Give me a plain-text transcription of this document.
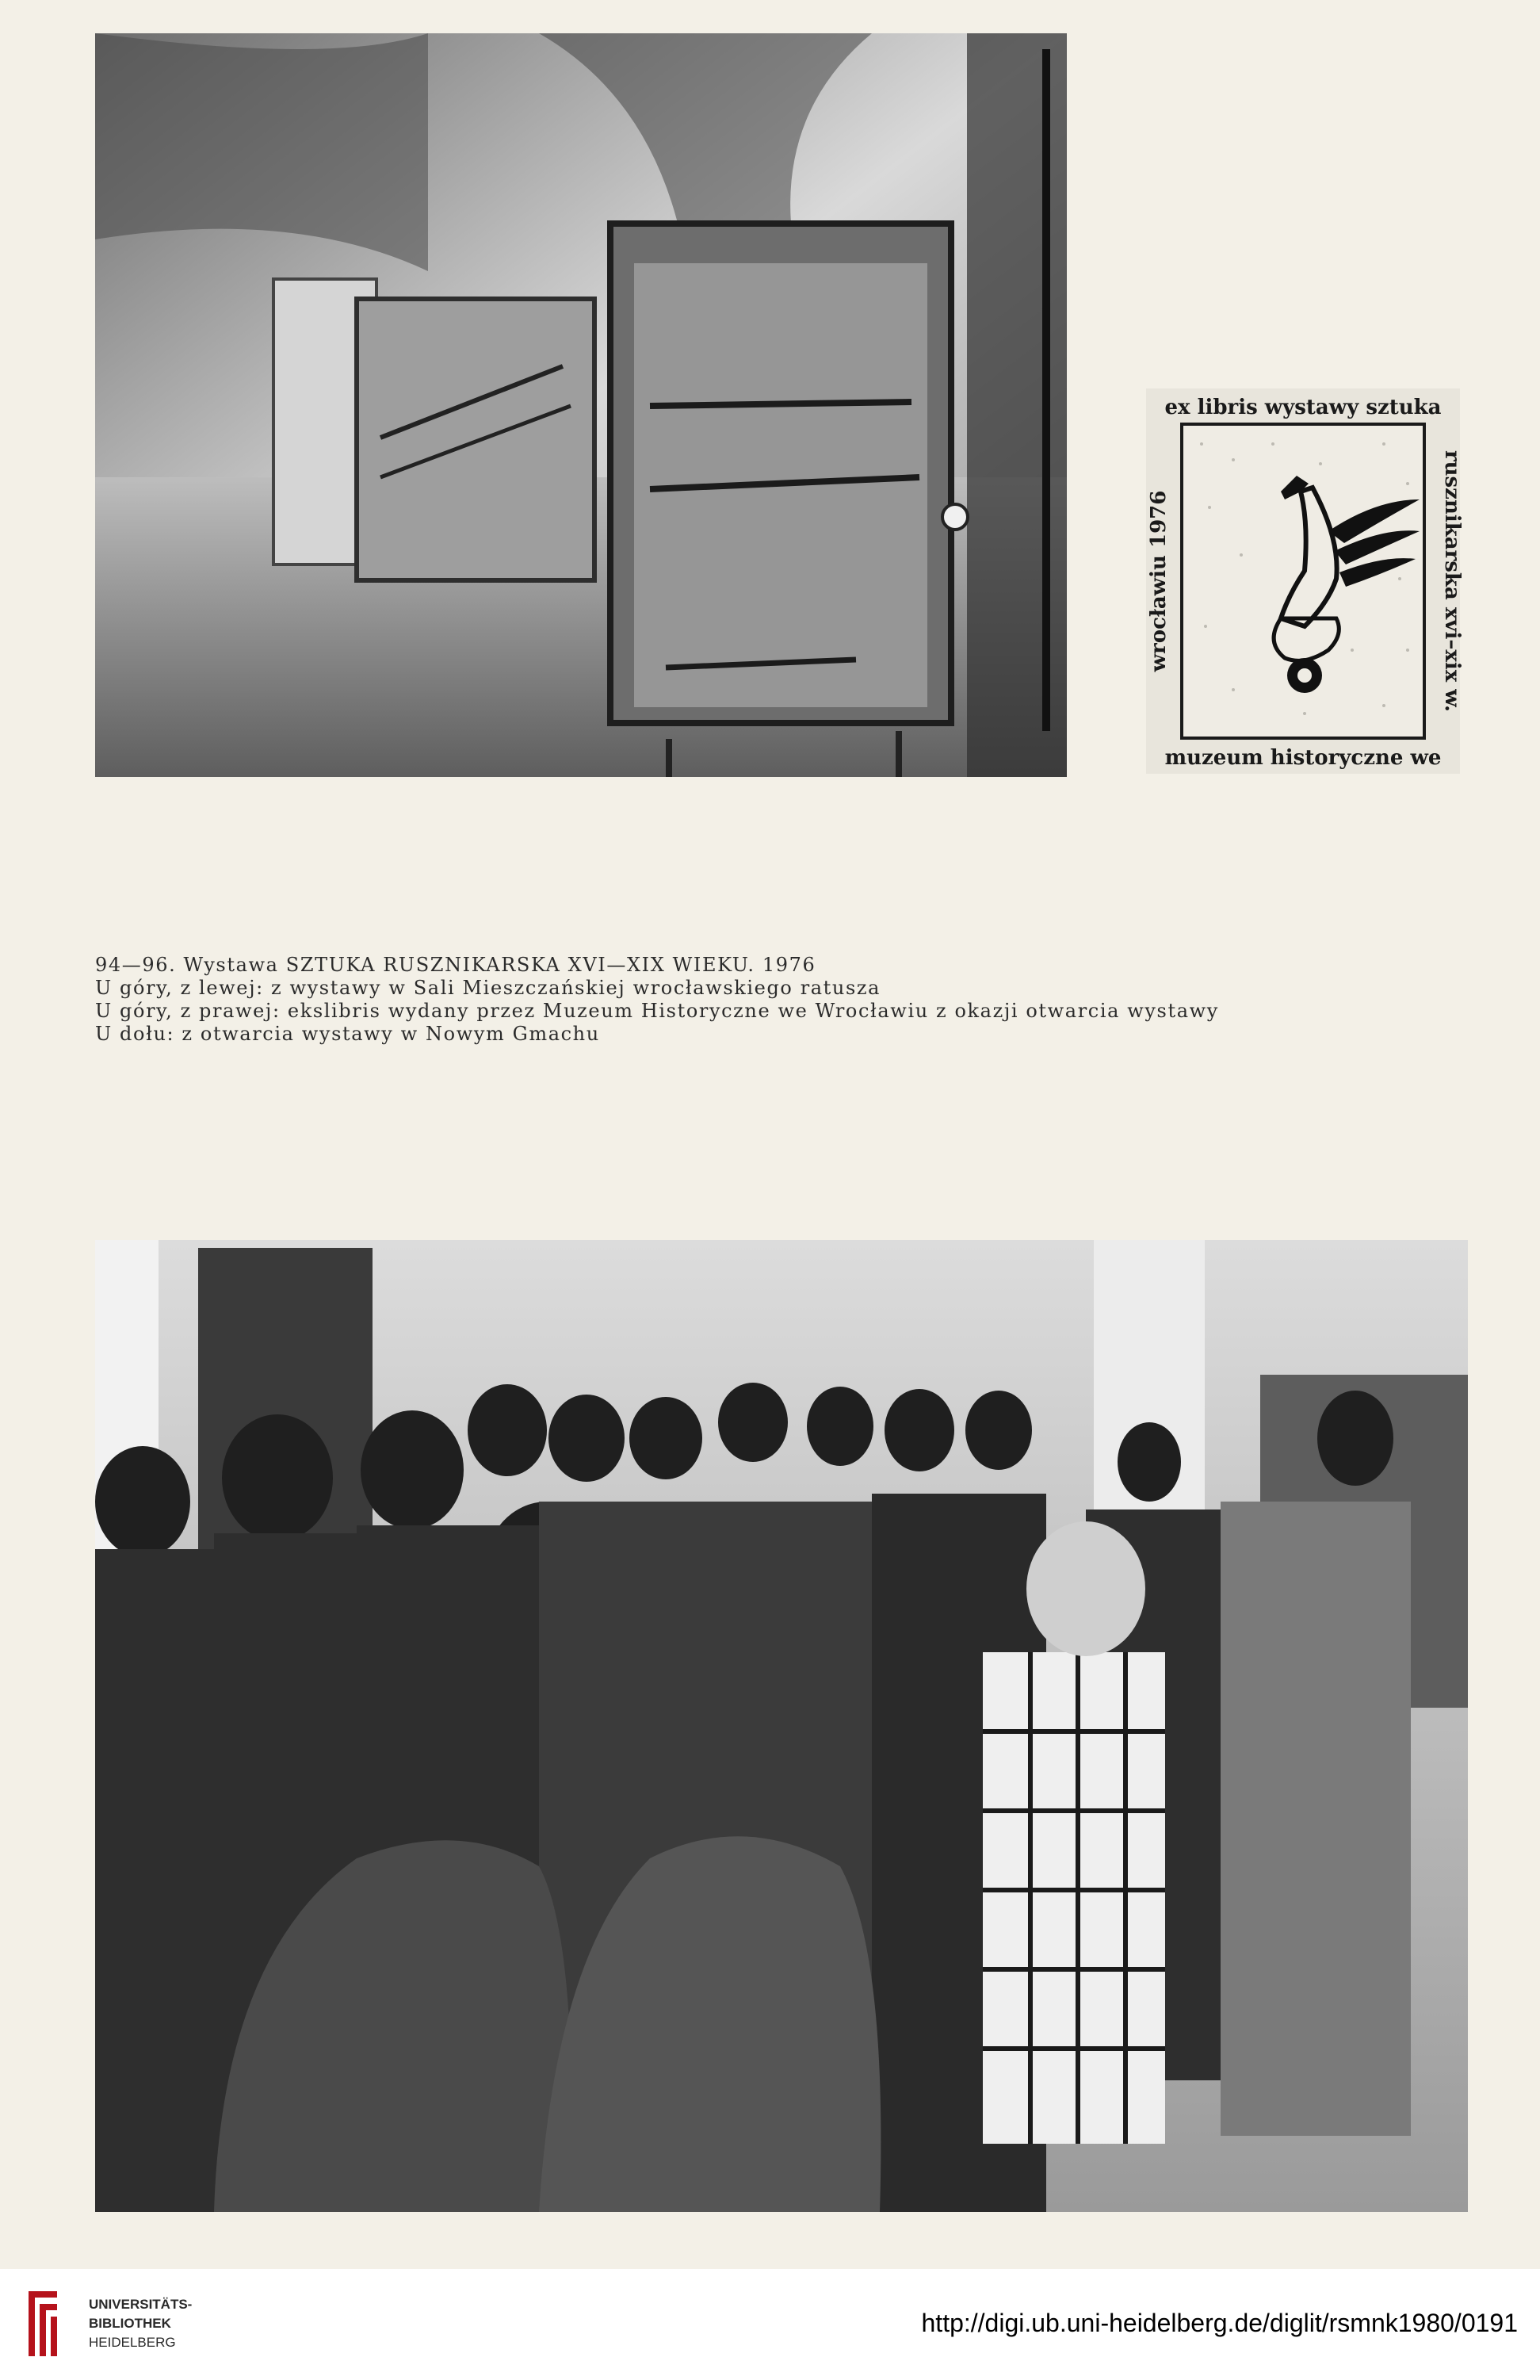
ex libris wystawy sztuka
muzeum historyczne we
rusznikarska xvi–xix w.
wrocławiu 1976

94—96. Wystawa SZTUKA RUSZNIKARSKA XVI—XIX WIEKU. 1976

U góry, z lewej: z wystawy w Sali Mieszczańskiej wrocławskiego ratusza

U góry, z prawej: ekslibris wydany przez Muzeum Historyczne we Wrocławiu z okazji otwarcia wystawy

U dołu: z otwarcia wystawy w Nowym Gmachu

UNIVERSITÄTS-
BIBLIOTHEK
HEIDELBERG
http://digi.ub.uni-heidelberg.de/diglit/rsmnk1980/0191
